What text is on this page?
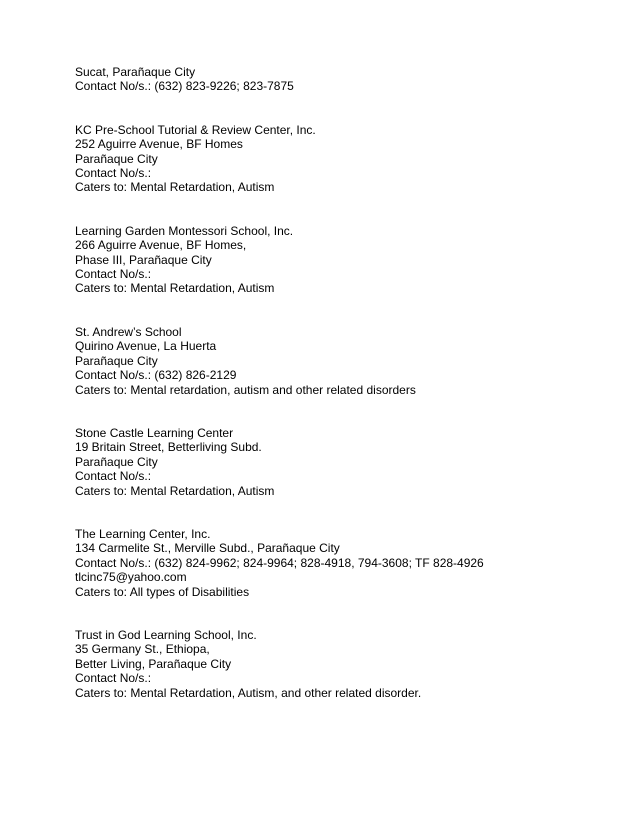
Sucat, Parañaque City
Contact No/s.: (632) 823-9226; 823-7875
KC Pre-School Tutorial & Review Center, Inc.
252 Aguirre Avenue, BF Homes
Parañaque City
Contact No/s.:
Caters to: Mental Retardation, Autism
Learning Garden Montessori School, Inc.
266 Aguirre Avenue, BF Homes,
Phase III, Parañaque City
Contact No/s.:
Caters to: Mental Retardation, Autism
St. Andrew’s School
Quirino Avenue, La Huerta
Parañaque City
Contact No/s.: (632) 826-2129
Caters to: Mental retardation, autism and other related disorders
Stone Castle Learning Center
19 Britain Street, Betterliving Subd.
Parañaque City
Contact No/s.:
Caters to: Mental Retardation, Autism
The Learning Center, Inc.
134 Carmelite St., Merville Subd., Parañaque City
Contact No/s.: (632) 824-9962; 824-9964; 828-4918, 794-3608; TF 828-4926
tlcinc75@yahoo.com
Caters to: All types of Disabilities
Trust in God Learning School, Inc.
35 Germany St., Ethiopa,
Better Living, Parañaque City
Contact No/s.:
Caters to: Mental Retardation, Autism, and other related disorder.
